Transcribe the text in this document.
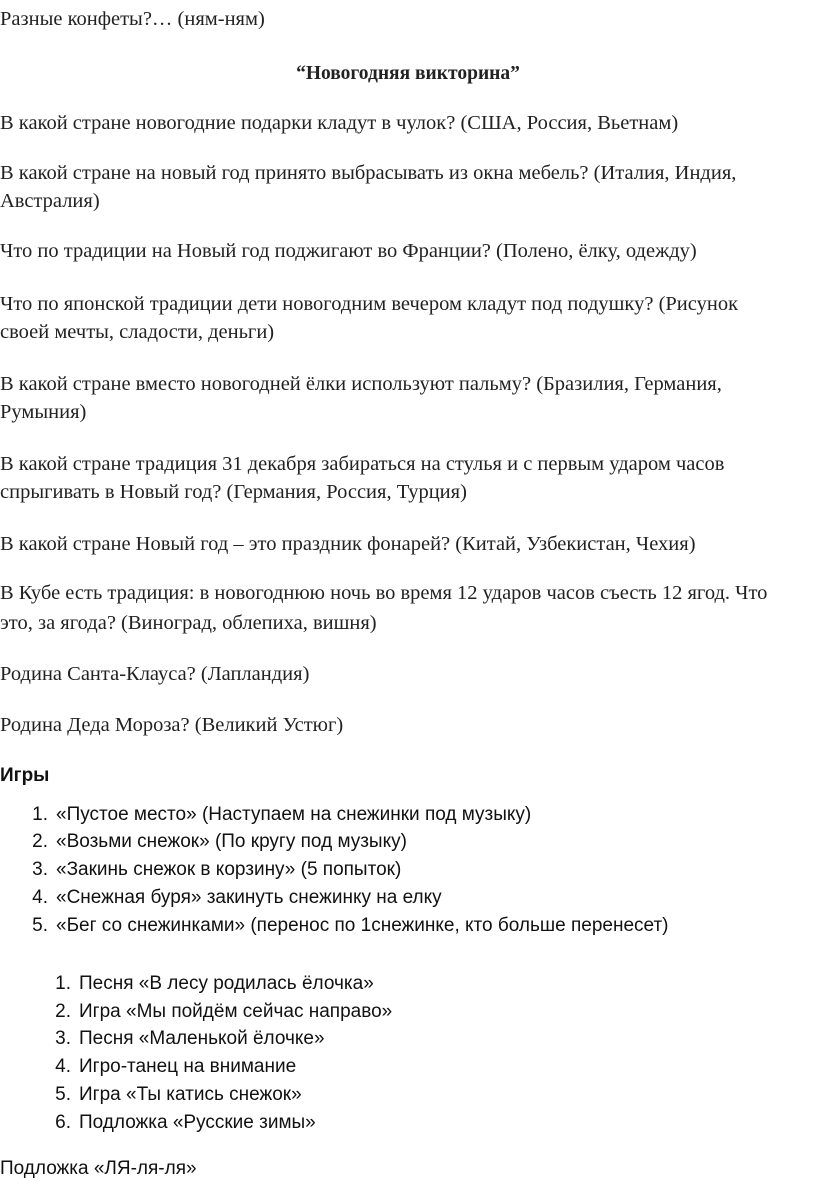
Разные конфеты?… (ням-ням)
“Новогодняя викторина”
В какой стране новогодние подарки кладут в чулок? (США, Россия, Вьетнам)
В какой стране на новый год принято выбрасывать из окна мебель? (Италия, Индия,
Австралия)
Что по традиции на Новый год поджигают во Франции? (Полено, ёлку, одежду)
Что по японской традиции дети новогодним вечером кладут под подушку? (Рисунок
своей мечты, сладости, деньги)
В какой стране вместо новогодней ёлки используют пальму? (Бразилия, Германия,
Румыния)
В какой стране традиция 31 декабря забираться на стулья и с первым ударом часов
спрыгивать в Новый год? (Германия, Россия, Турция)
В какой стране Новый год – это праздник фонарей? (Китай, Узбекистан, Чехия)
В Кубе есть традиция: в новогоднюю ночь во время 12 ударов часов съесть 12 ягод. Что
это, за ягода? (Виноград, облепиха, вишня)
Родина Санта-Клауса? (Лапландия)
Родина Деда Мороза? (Великий Устюг)
Игры
1. «Пустое место» (Наступаем на снежинки под музыку)
2. «Возьми снежок» (По кругу под музыку)
3. «Закинь снежок в корзину» (5 попыток)
4. «Снежная буря» закинуть снежинку на елку
5. «Бег со снежинками» (перенос по 1снежинке, кто больше перенесет)
1. Песня «В лесу родилась ёлочка»
2. Игра «Мы пойдём сейчас направо»
3. Песня «Маленькой ёлочке»
4. Игро-танец на внимание
5. Игра «Ты катись снежок»
6. Подложка «Русские зимы»
Подложка «ЛЯ-ля-ля»
